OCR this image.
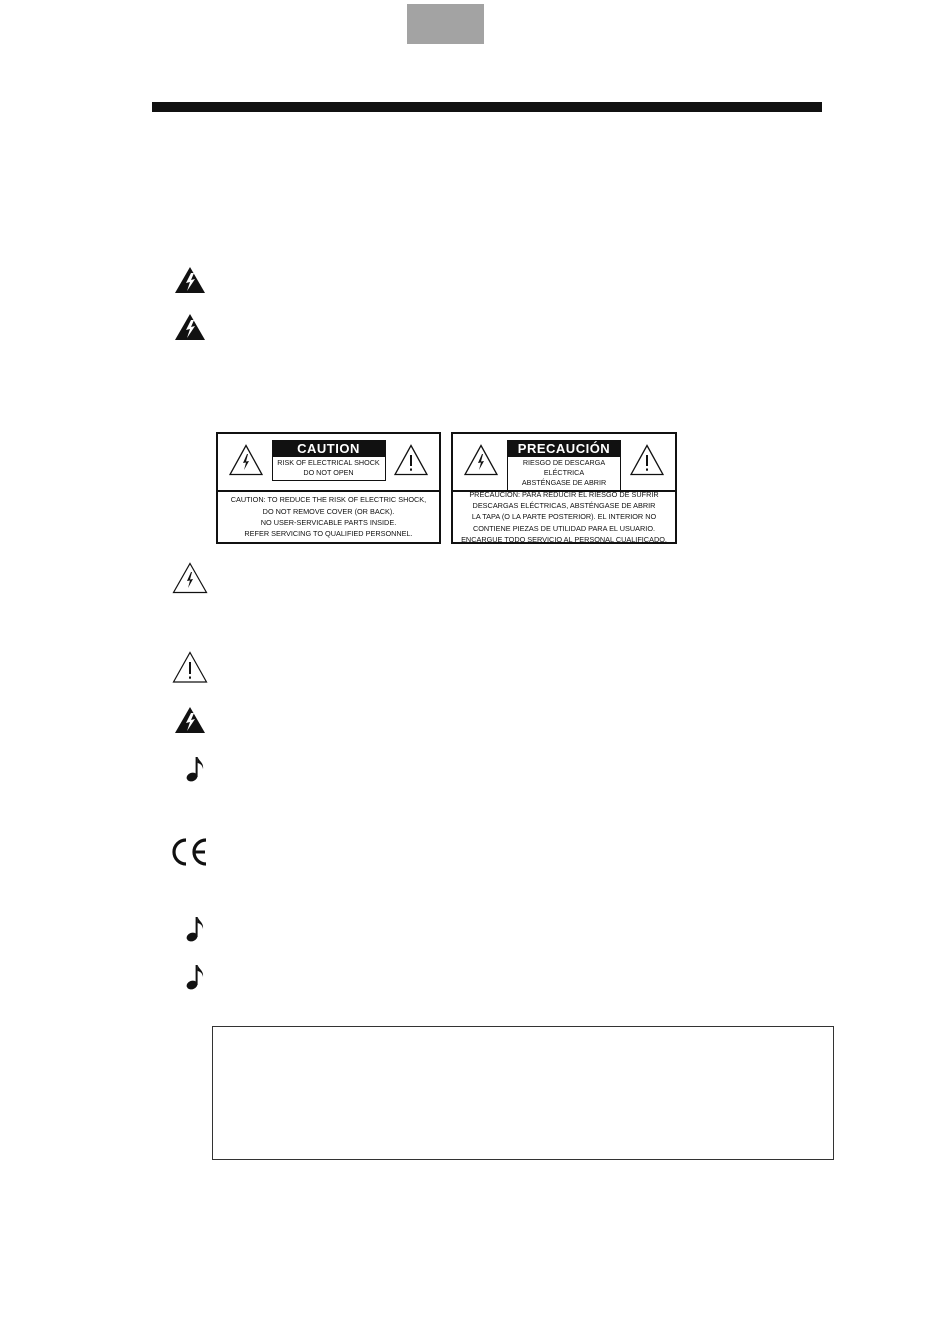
CAUTION
RISK OF ELECTRICAL SHOCK
DO NOT OPEN
CAUTION: TO REDUCE THE RISK OF ELECTRIC SHOCK,
DO NOT REMOVE COVER (OR BACK).
NO USER-SERVICABLE PARTS INSIDE.
REFER SERVICING TO QUALIFIED PERSONNEL.
PRECAUCIÓN
RIESGO DE DESCARGA ELÉCTRICA
ABSTÉNGASE DE ABRIR
PRECAUCIÓN: PARA REDUCIR EL RIESGO DE SUFRIR
DESCARGAS ELÉCTRICAS, ABSTÉNGASE DE ABRIR
LA TAPA (O LA PARTE POSTERIOR). EL INTERIOR NO
CONTIENE PIEZAS DE UTILIDAD PARA EL USUARIO.
ENCARGUE TODO SERVICIO AL PERSONAL CUALIFICADO.
